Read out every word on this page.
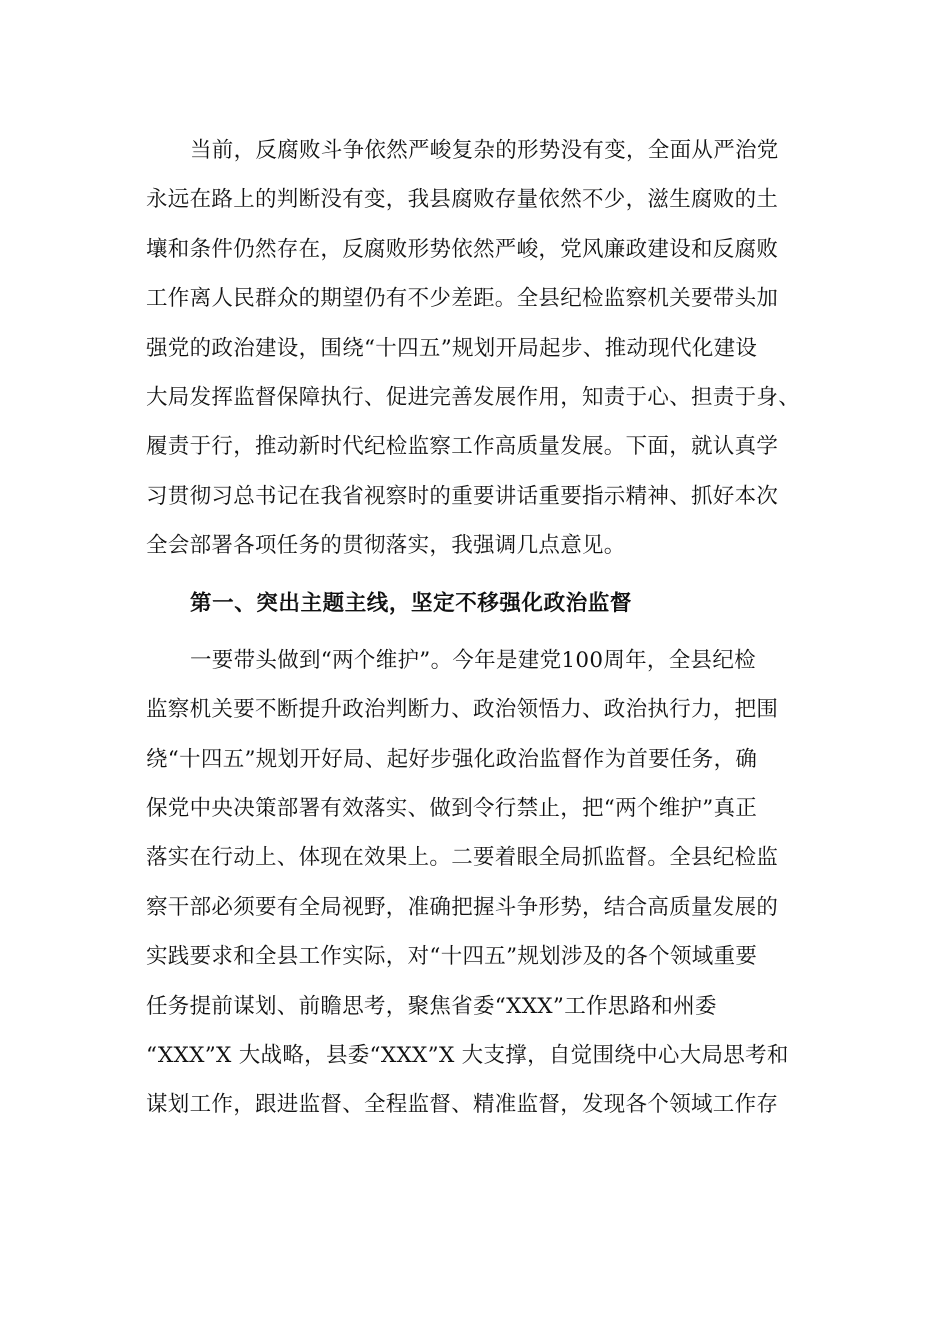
当前，反腐败斗争依然严峻复杂的形势没有变，全面从严治党
永远在路上的判断没有变，我县腐败存量依然不少，滋生腐败的土
壤和条件仍然存在，反腐败形势依然严峻，党风廉政建设和反腐败
工作离人民群众的期望仍有不少差距。全县纪检监察机关要带头加
强党的政治建设，围绕“十四五”规划开局起步、推动现代化建设
大局发挥监督保障执行、促进完善发展作用，知责于心、担责于身、
履责于行，推动新时代纪检监察工作高质量发展。下面，就认真学
习贯彻习总书记在我省视察时的重要讲话重要指示精神、抓好本次
全会部署各项任务的贯彻落实，我强调几点意见。
第一、突出主题主线，坚定不移强化政治监督
一要带头做到“两个维护”。今年是建党100周年，全县纪检
监察机关要不断提升政治判断力、政治领悟力、政治执行力，把围
绕“十四五”规划开好局、起好步强化政治监督作为首要任务，确
保党中央决策部署有效落实、做到令行禁止，把“两个维护”真正
落实在行动上、体现在效果上。二要着眼全局抓监督。全县纪检监
察干部必须要有全局视野，准确把握斗争形势，结合高质量发展的
实践要求和全县工作实际，对“十四五”规划涉及的各个领域重要
任务提前谋划、前瞻思考，聚焦省委“XXX”工作思路和州委
“XXX”X 大战略，县委“XXX”X 大支撑，自觉围绕中心大局思考和
谋划工作，跟进监督、全程监督、精准监督，发现各个领域工作存
